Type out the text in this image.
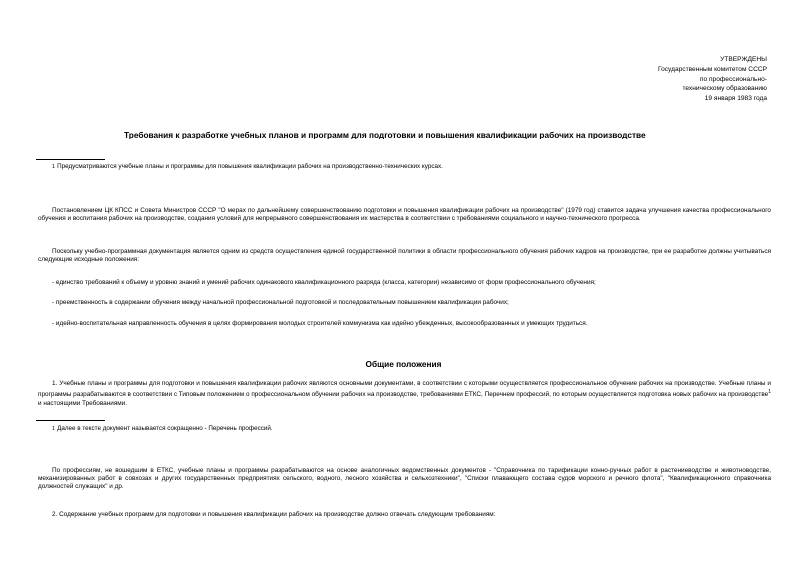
УТВЕРЖДЕНЫ
Государственным комитетом СССР
по профессионально-
техническому образованию
19 января 1983 года
Требования к разработке учебных планов и программ для подготовки и повышения квалификации рабочих на производстве
1 Предусматриваются учебные планы и программы для повышения квалификации рабочих на производственно-технических курсах.
Постановлением ЦК КПСС и Совета Министров СССР "О мерах по дальнейшему совершенствованию подготовки и повышения квалификации рабочих на производстве" (1979 год) ставится задача улучшения качества профессионального обучения и воспитания рабочих на производстве, создания условий для непрерывного совершенствования их мастерства в соответствии с требованиями социального и научно-технического прогресса.
Поскольку учебно-программная документация является одним из средств осуществления единой государственной политики в области профессионального обучения рабочих кадров на производстве, при ее разработке должны учитываться следующие исходные положения:
- единство требований к объему и уровню знаний и умений рабочих одинакового квалификационного разряда (класса, категории) независимо от форм профессионального обучения;
- преемственность в содержании обучения между начальной профессиональной подготовкой и последовательным повышением квалификации рабочих;
- идейно-воспитательная направленность обучения в целях формирования молодых строителей коммунизма как идейно убежденных, высокообразованных и умеющих трудиться.
Общие положения
1. Учебные планы и программы для подготовки и повышения квалификации рабочих являются основными документами, в соответствии с которыми осуществляется профессиональное обучение рабочих на производстве. Учебные планы и программы разрабатываются в соответствии с Типовым положением о профессиональном обучении рабочих на производстве, требованиями ЕТКС, Перечнем профессий, по которым осуществляется подготовка новых рабочих на производстве$^1$ и настоящими Требованиями.
1 Далее в тексте документ называется сокращенно - Перечень профессий.
По профессиям, не вошедшим в ЕТКС, учебные планы и программы разрабатываются на основе аналогичных ведомственных документов - "Справочника по тарификации конно-ручных работ в растениеводстве и животноводстве, механизированных работ в совхозах и других государственных предприятиях сельского, водного, лесного хозяйства и сельхозтехники", "Списки плавающего состава судов морского и речного флота", "Квалификационного справочника должностей служащих" и др.
2. Содержание учебных программ для подготовки и повышения квалификации рабочих на производстве должно отвечать следующим требованиям:
